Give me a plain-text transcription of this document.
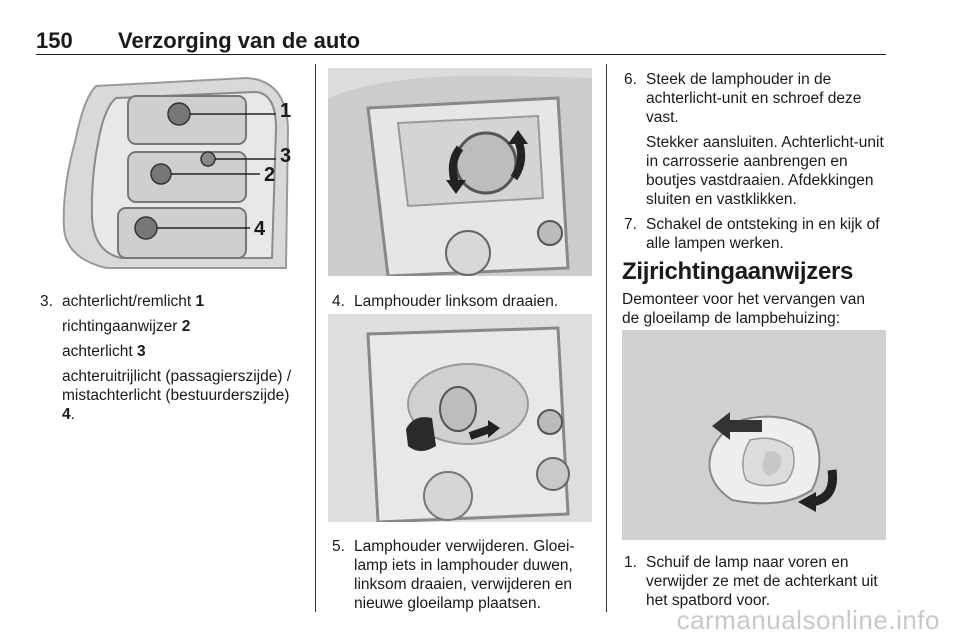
150 Verzorging van de auto
1
3
2
4
3. achterlicht/remlicht 1
richtingaanwijzer 2
achterlicht 3
achteruitrijlicht (passagierszijde) / mistachterlicht (bestuurderszijde) 4.
4. Lamphouder linksom draaien.
5. Lamphouder verwijderen. Gloeilamp iets in lamphouder duwen, linksom draaien, verwijderen en nieuwe gloeilamp plaatsen.
6. Steek de lamphouder in de achterlicht-unit en schroef deze vast.
Stekker aansluiten. Achterlicht-unit in carrosserie aanbrengen en boutjes vastdraaien. Afdekkingen sluiten en vastklikken.
7. Schakel de ontsteking in en kijk of alle lampen werken.
Zijrichtingaanwijzers
Demonteer voor het vervangen van de gloeilamp de lampbehuizing:
1. Schuif de lamp naar voren en verwijder ze met de achterkant uit het spatbord voor.
carmanualsonline.info
